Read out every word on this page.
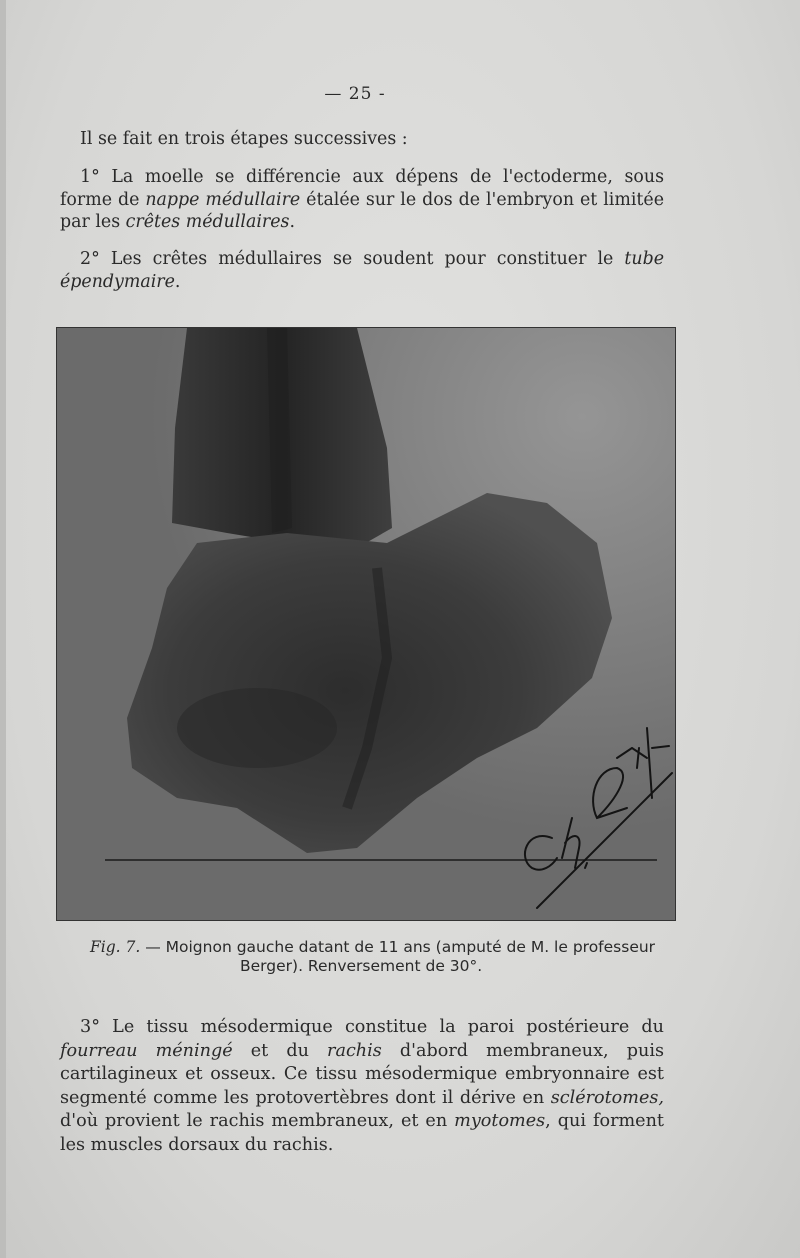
— 25 -

Il se fait en trois étapes successives :

1° La moelle se différencie aux dépens de l'ectoderme, sous forme de nappe médullaire étalée sur le dos de l'embryon et limitée par les crêtes médullaires.

2° Les crêtes médullaires se soudent pour constituer le tube épendymaire.

Fig. 7. — Moignon gauche datant de 11 ans (amputé de M. le professeur
Berger). Renversement de 30°.

3° Le tissu mésodermique constitue la paroi postérieure du fourreau méningé et du rachis d'abord membraneux, puis cartilagineux et osseux. Ce tissu mésodermique embryonnaire est segmenté comme les protovertèbres dont il dérive en sclérotomes, d'où provient le rachis membraneux, et en myotomes, qui forment les muscles dorsaux du rachis.
